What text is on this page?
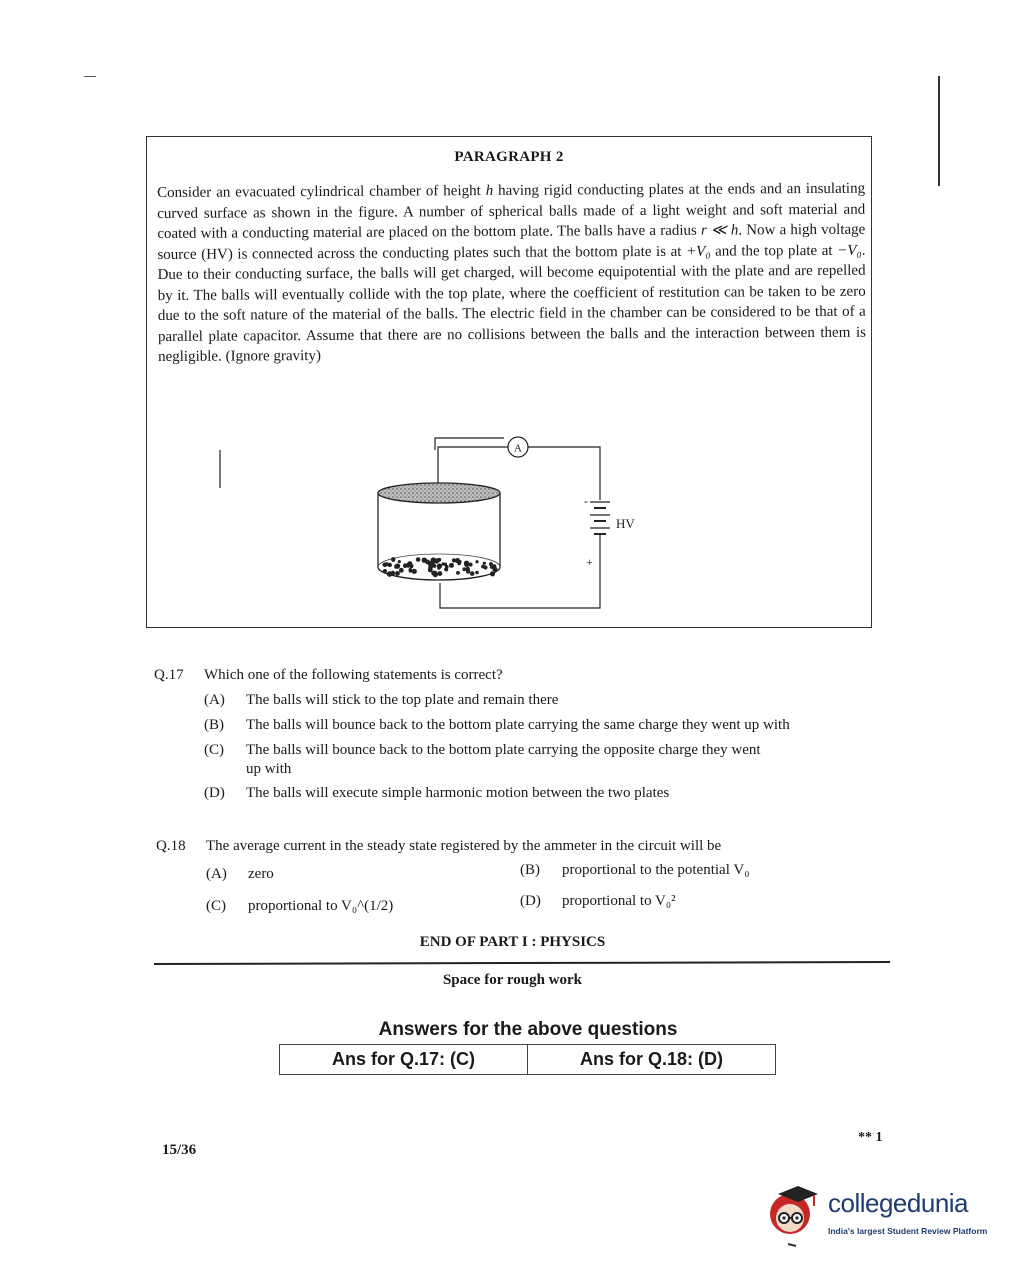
PARAGRAPH 2
Consider an evacuated cylindrical chamber of height h having rigid conducting plates at the ends and an insulating curved surface as shown in the figure. A number of spherical balls made of a light weight and soft material and coated with a conducting material are placed on the bottom plate. The balls have a radius r ≪ h. Now a high voltage source (HV) is connected across the conducting plates such that the bottom plate is at +V₀ and the top plate at −V₀. Due to their conducting surface, the balls will get charged, will become equipotential with the plate and are repelled by it. The balls will eventually collide with the top plate, where the coefficient of restitution can be taken to be zero due to the soft nature of the material of the balls. The electric field in the chamber can be considered to be that of a parallel plate capacitor. Assume that there are no collisions between the balls and the interaction between them is negligible. (Ignore gravity)
A
-
+
HV
Q.17 Which one of the following statements is correct?
(A) The balls will stick to the top plate and remain there
(B) The balls will bounce back to the bottom plate carrying the same charge they went up with
(C) The balls will bounce back to the bottom plate carrying the opposite charge they went
up with
(D) The balls will execute simple harmonic motion between the two plates
Q.18 The average current in the steady state registered by the ammeter in the circuit will be
(A) zero	(B) proportional to the potential V₀
(C) proportional to V₀^(1/2)	(D) proportional to V₀²
END OF PART I : PHYSICS
Space for rough work
Answers for the above questions
Ans for Q.17: (C)	Ans for Q.18: (D)
15/36
** 1
collegedunia
India's largest Student Review Platform
